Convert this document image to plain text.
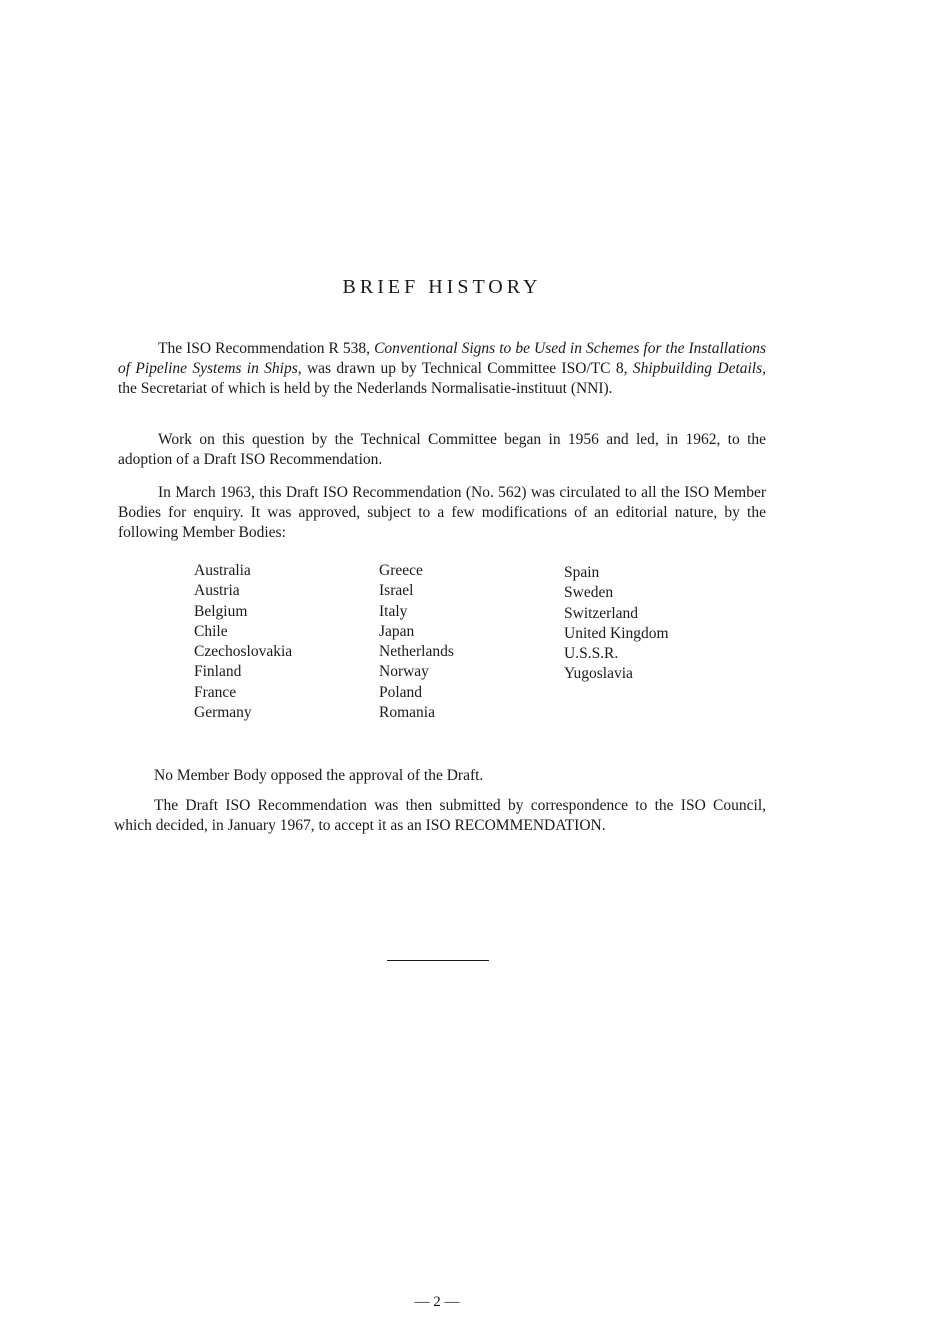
BRIEF HISTORY

The ISO Recommendation R 538, Conventional Signs to be Used in Schemes for the Installations of Pipeline Systems in Ships, was drawn up by Technical Committee ISO/TC 8, Shipbuilding Details, the Secretariat of which is held by the Nederlands Normalisatie-instituut (NNI).

Work on this question by the Technical Committee began in 1956 and led, in 1962, to the adoption of a Draft ISO Recommendation.

In March 1963, this Draft ISO Recommendation (No. 562) was circulated to all the ISO Member Bodies for enquiry. It was approved, subject to a few modifications of an editorial nature, by the following Member Bodies:

Australia
Austria
Belgium
Chile
Czechoslovakia
Finland
France
Germany
Greece
Israel
Italy
Japan
Netherlands
Norway
Poland
Romania
Spain
Sweden
Switzerland
United Kingdom
U.S.S.R.
Yugoslavia

No Member Body opposed the approval of the Draft.

The Draft ISO Recommendation was then submitted by correspondence to the ISO Council, which decided, in January 1967, to accept it as an ISO RECOMMENDATION.

— 2 —
